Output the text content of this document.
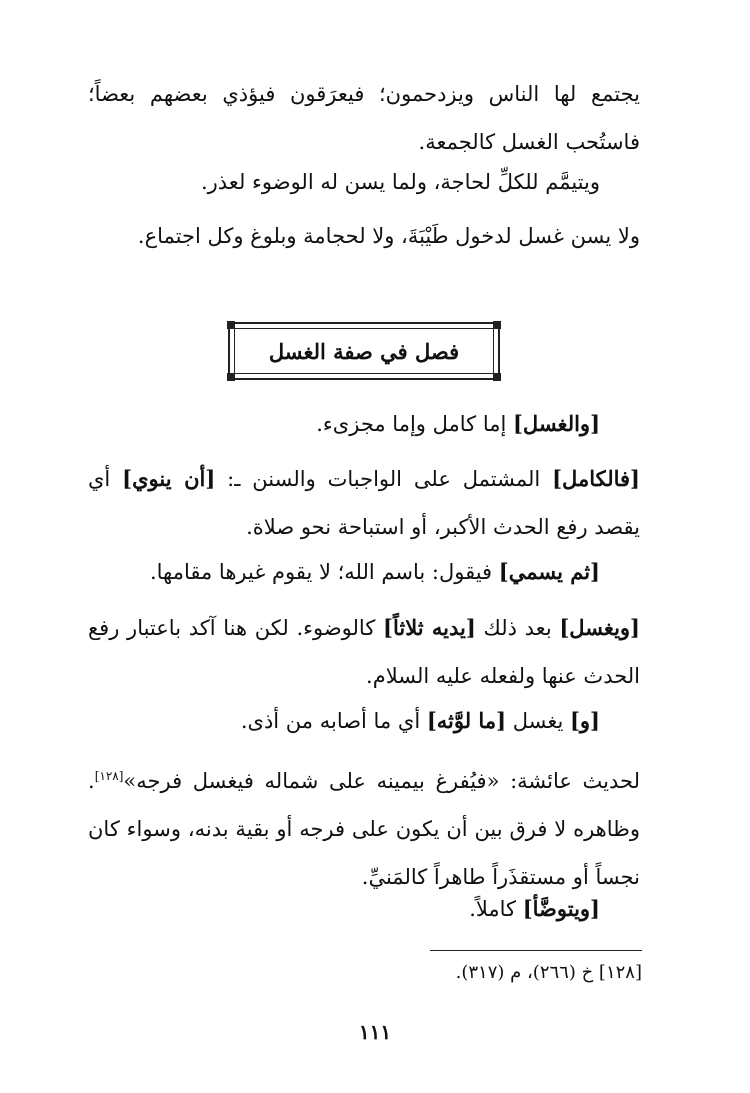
يجتمع لها الناس ويزدحمون؛ فيعرَقون فيؤذي بعضهم بعضاً؛ فاستُحب الغسل كالجمعة.

ويتيمَّم للكلِّ لحاجة، ولما يسن له الوضوء لعذر.

ولا يسن غسل لدخول طَيْبَةَ، ولا لحجامة وبلوغ وكل اجتماع.

فصل في صفة الغسل

[والغسل] إما كامل وإما مجزىء.

[فالكامل] المشتمل على الواجبات والسنن ـ: [أن ينوي] أي يقصد رفع الحدث الأكبر، أو استباحة نحو صلاة.

[ثم يسمي] فيقول: باسم الله؛ لا يقوم غيرها مقامها.

[ويغسل] بعد ذلك [يديه ثلاثاً] كالوضوء. لكن هنا آكد باعتبار رفع الحدث عنها ولفعله عليه السلام.

[و] يغسل [ما لوَّثه] أي ما أصابه من أذى.

لحديث عائشة: «فيُفرغ بيمينه على شماله فيغسل فرجه»[١٢٨]. وظاهره لا فرق بين أن يكون على فرجه أو بقية بدنه، وسواء كان نجساً أو مستقذَراً طاهراً كالمَنيِّ.

[ويتوضَّأ] كاملاً.

[١٢٨] خ (٢٦٦)، م (٣١٧).
١١١
